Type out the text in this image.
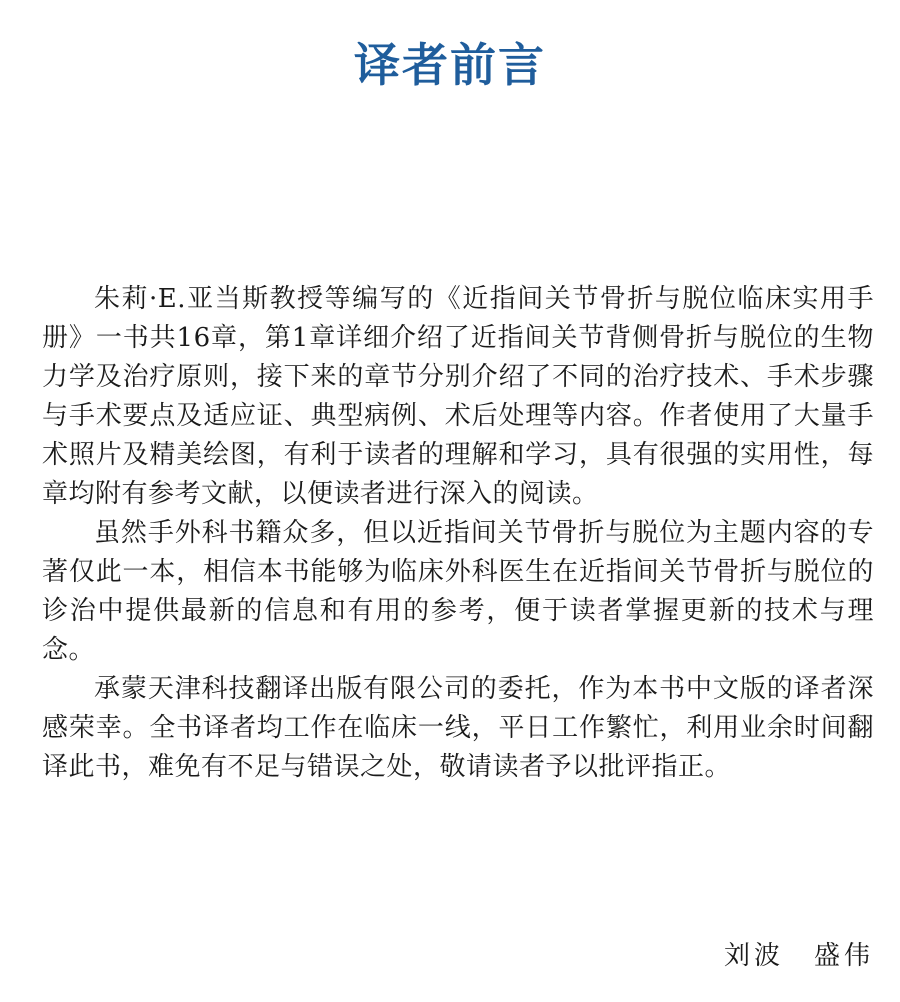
译者前言

朱莉·E.亚当斯教授等编写的《近指间关节骨折与脱位临床实用手册》一书共16章，第1章详细介绍了近指间关节背侧骨折与脱位的生物力学及治疗原则，接下来的章节分别介绍了不同的治疗技术、手术步骤与手术要点及适应证、典型病例、术后处理等内容。作者使用了大量手术照片及精美绘图，有利于读者的理解和学习，具有很强的实用性，每章均附有参考文献，以便读者进行深入的阅读。

虽然手外科书籍众多，但以近指间关节骨折与脱位为主题内容的专著仅此一本，相信本书能够为临床外科医生在近指间关节骨折与脱位的诊治中提供最新的信息和有用的参考，便于读者掌握更新的技术与理念。

承蒙天津科技翻译出版有限公司的委托，作为本书中文版的译者深感荣幸。全书译者均工作在临床一线，平日工作繁忙，利用业余时间翻译此书，难免有不足与错误之处，敬请读者予以批评指正。

刘波 盛伟
